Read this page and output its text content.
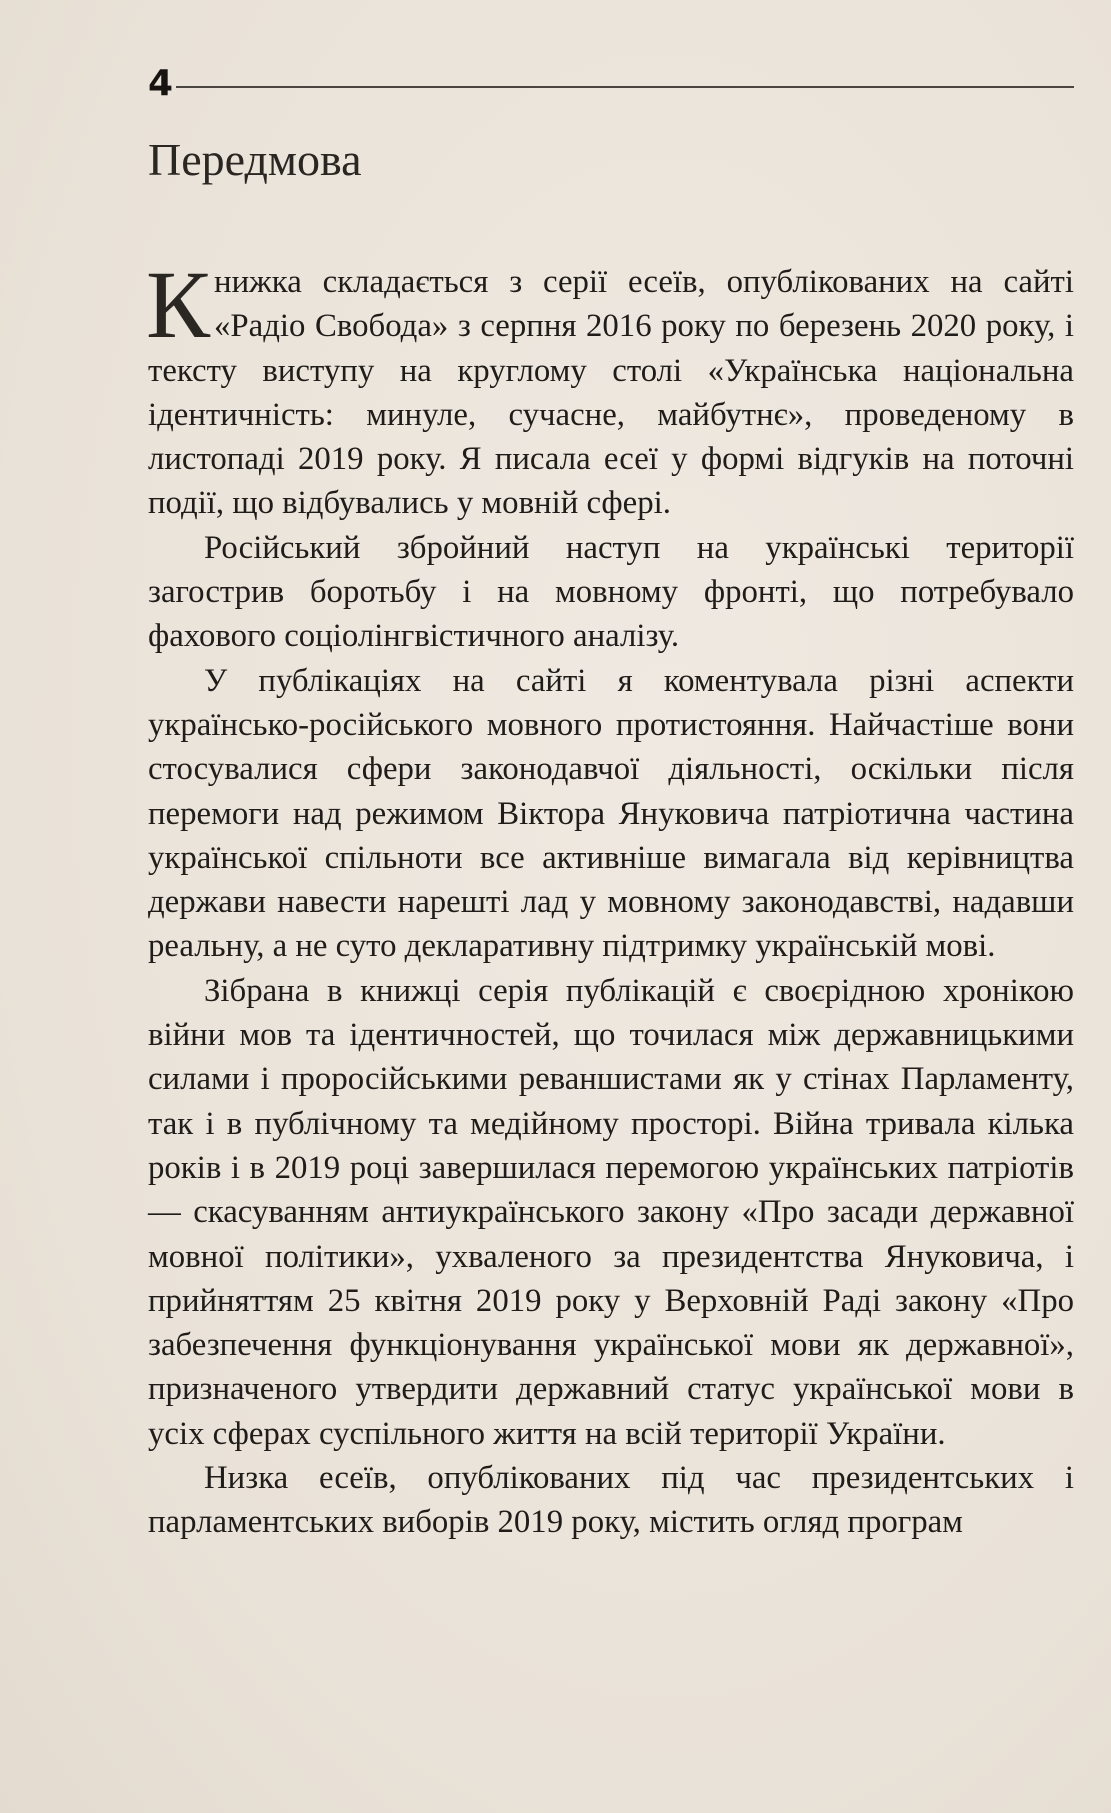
4
Передмова

Книжка складається з серії есеїв, опублікованих на сайті «Радіо Свобода» з серпня 2016 року по березень 2020 року, і тексту виступу на круглому столі «Українська національна ідентичність: минуле, сучасне, майбутнє», проведеному в листопаді 2019 року. Я писала есеї у формі відгуків на поточні події, що відбувались у мовній сфері.

Російський збройний наступ на українські території загострив боротьбу і на мовному фронті, що потребувало фахового соціолінгвістичного аналізу.

У публікаціях на сайті я коментувала різні аспекти українсько-російського мовного протистояння. Найчастіше вони стосувалися сфери законодавчої діяльності, оскільки після перемоги над режимом Віктора Януковича патріотична частина української спільноти все активніше вимагала від керівництва держави навести нарешті лад у мовному законодавстві, надавши реальну, а не суто декларативну підтримку українській мові.

Зібрана в книжці серія публікацій є своєрідною хронікою війни мов та ідентичностей, що точилася між державницькими силами і проросійськими реваншистами як у стінах Парламенту, так і в публічному та медійному просторі. Війна тривала кілька років і в 2019 році завершилася перемогою українських патріотів — скасуванням антиукраїнського закону «Про засади державної мовної політики», ухваленого за президентства Януковича, і прийняттям 25 квітня 2019 року у Верховній Раді закону «Про забезпечення функціонування української мови як державної», призначеного утвердити державний статус української мови в усіх сферах суспільного життя на всій території України.

Низка есеїв, опублікованих під час президентських і парламентських виборів 2019 року, містить огляд програм
